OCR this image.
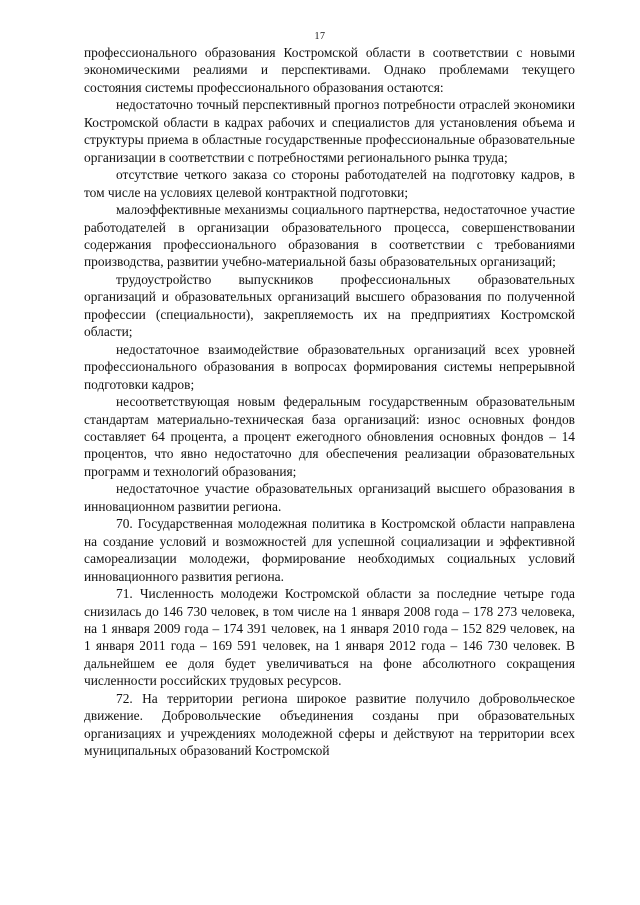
17

профессионального образования Костромской области в соответствии с новыми экономическими реалиями и перспективами. Однако проблемами текущего состояния системы профессионального образования остаются:

недостаточно точный перспективный прогноз потребности отраслей экономики Костромской области в кадрах рабочих и специалистов для установления объема и структуры приема в областные государственные профессиональные образовательные организации в соответствии с потребностями регионального рынка труда;

отсутствие четкого заказа со стороны работодателей на подготовку кадров, в том числе на условиях целевой контрактной подготовки;

малоэффективные механизмы социального партнерства, недостаточное участие работодателей в организации образовательного процесса, совершенствовании содержания профессионального образования в соответствии с требованиями производства, развитии учебно-материальной базы образовательных организаций;

трудоустройство выпускников профессиональных образовательных организаций и образовательных организаций высшего образования по полученной профессии (специальности), закрепляемость их на предприятиях Костромской области;

недостаточное взаимодействие образовательных организаций всех уровней профессионального образования в вопросах формирования системы непрерывной подготовки кадров;

несоответствующая новым федеральным государственным образовательным стандартам материально-техническая база организаций: износ основных фондов составляет 64 процента, а процент ежегодного обновления основных фондов – 14 процентов, что явно недостаточно для обеспечения реализации образовательных программ и технологий образования;

недостаточное участие образовательных организаций высшего образования в инновационном развитии региона.

70. Государственная молодежная политика в Костромской области направлена на создание условий и возможностей для успешной социализации и эффективной самореализации молодежи, формирование необходимых социальных условий инновационного развития региона.

71. Численность молодежи Костромской области за последние четыре года снизилась до 146 730 человек, в том числе на 1 января 2008 года – 178 273 человека, на 1 января 2009 года – 174 391 человек, на 1 января 2010 года – 152 829 человек, на 1 января 2011 года – 169 591 человек, на 1 января 2012 года – 146 730 человек. В дальнейшем ее доля будет увеличиваться на фоне абсолютного сокращения численности российских трудовых ресурсов.

72. На территории региона широкое развитие получило добровольческое движение. Добровольческие объединения созданы при образовательных организациях и учреждениях молодежной сферы и действуют на территории всех муниципальных образований Костромской
